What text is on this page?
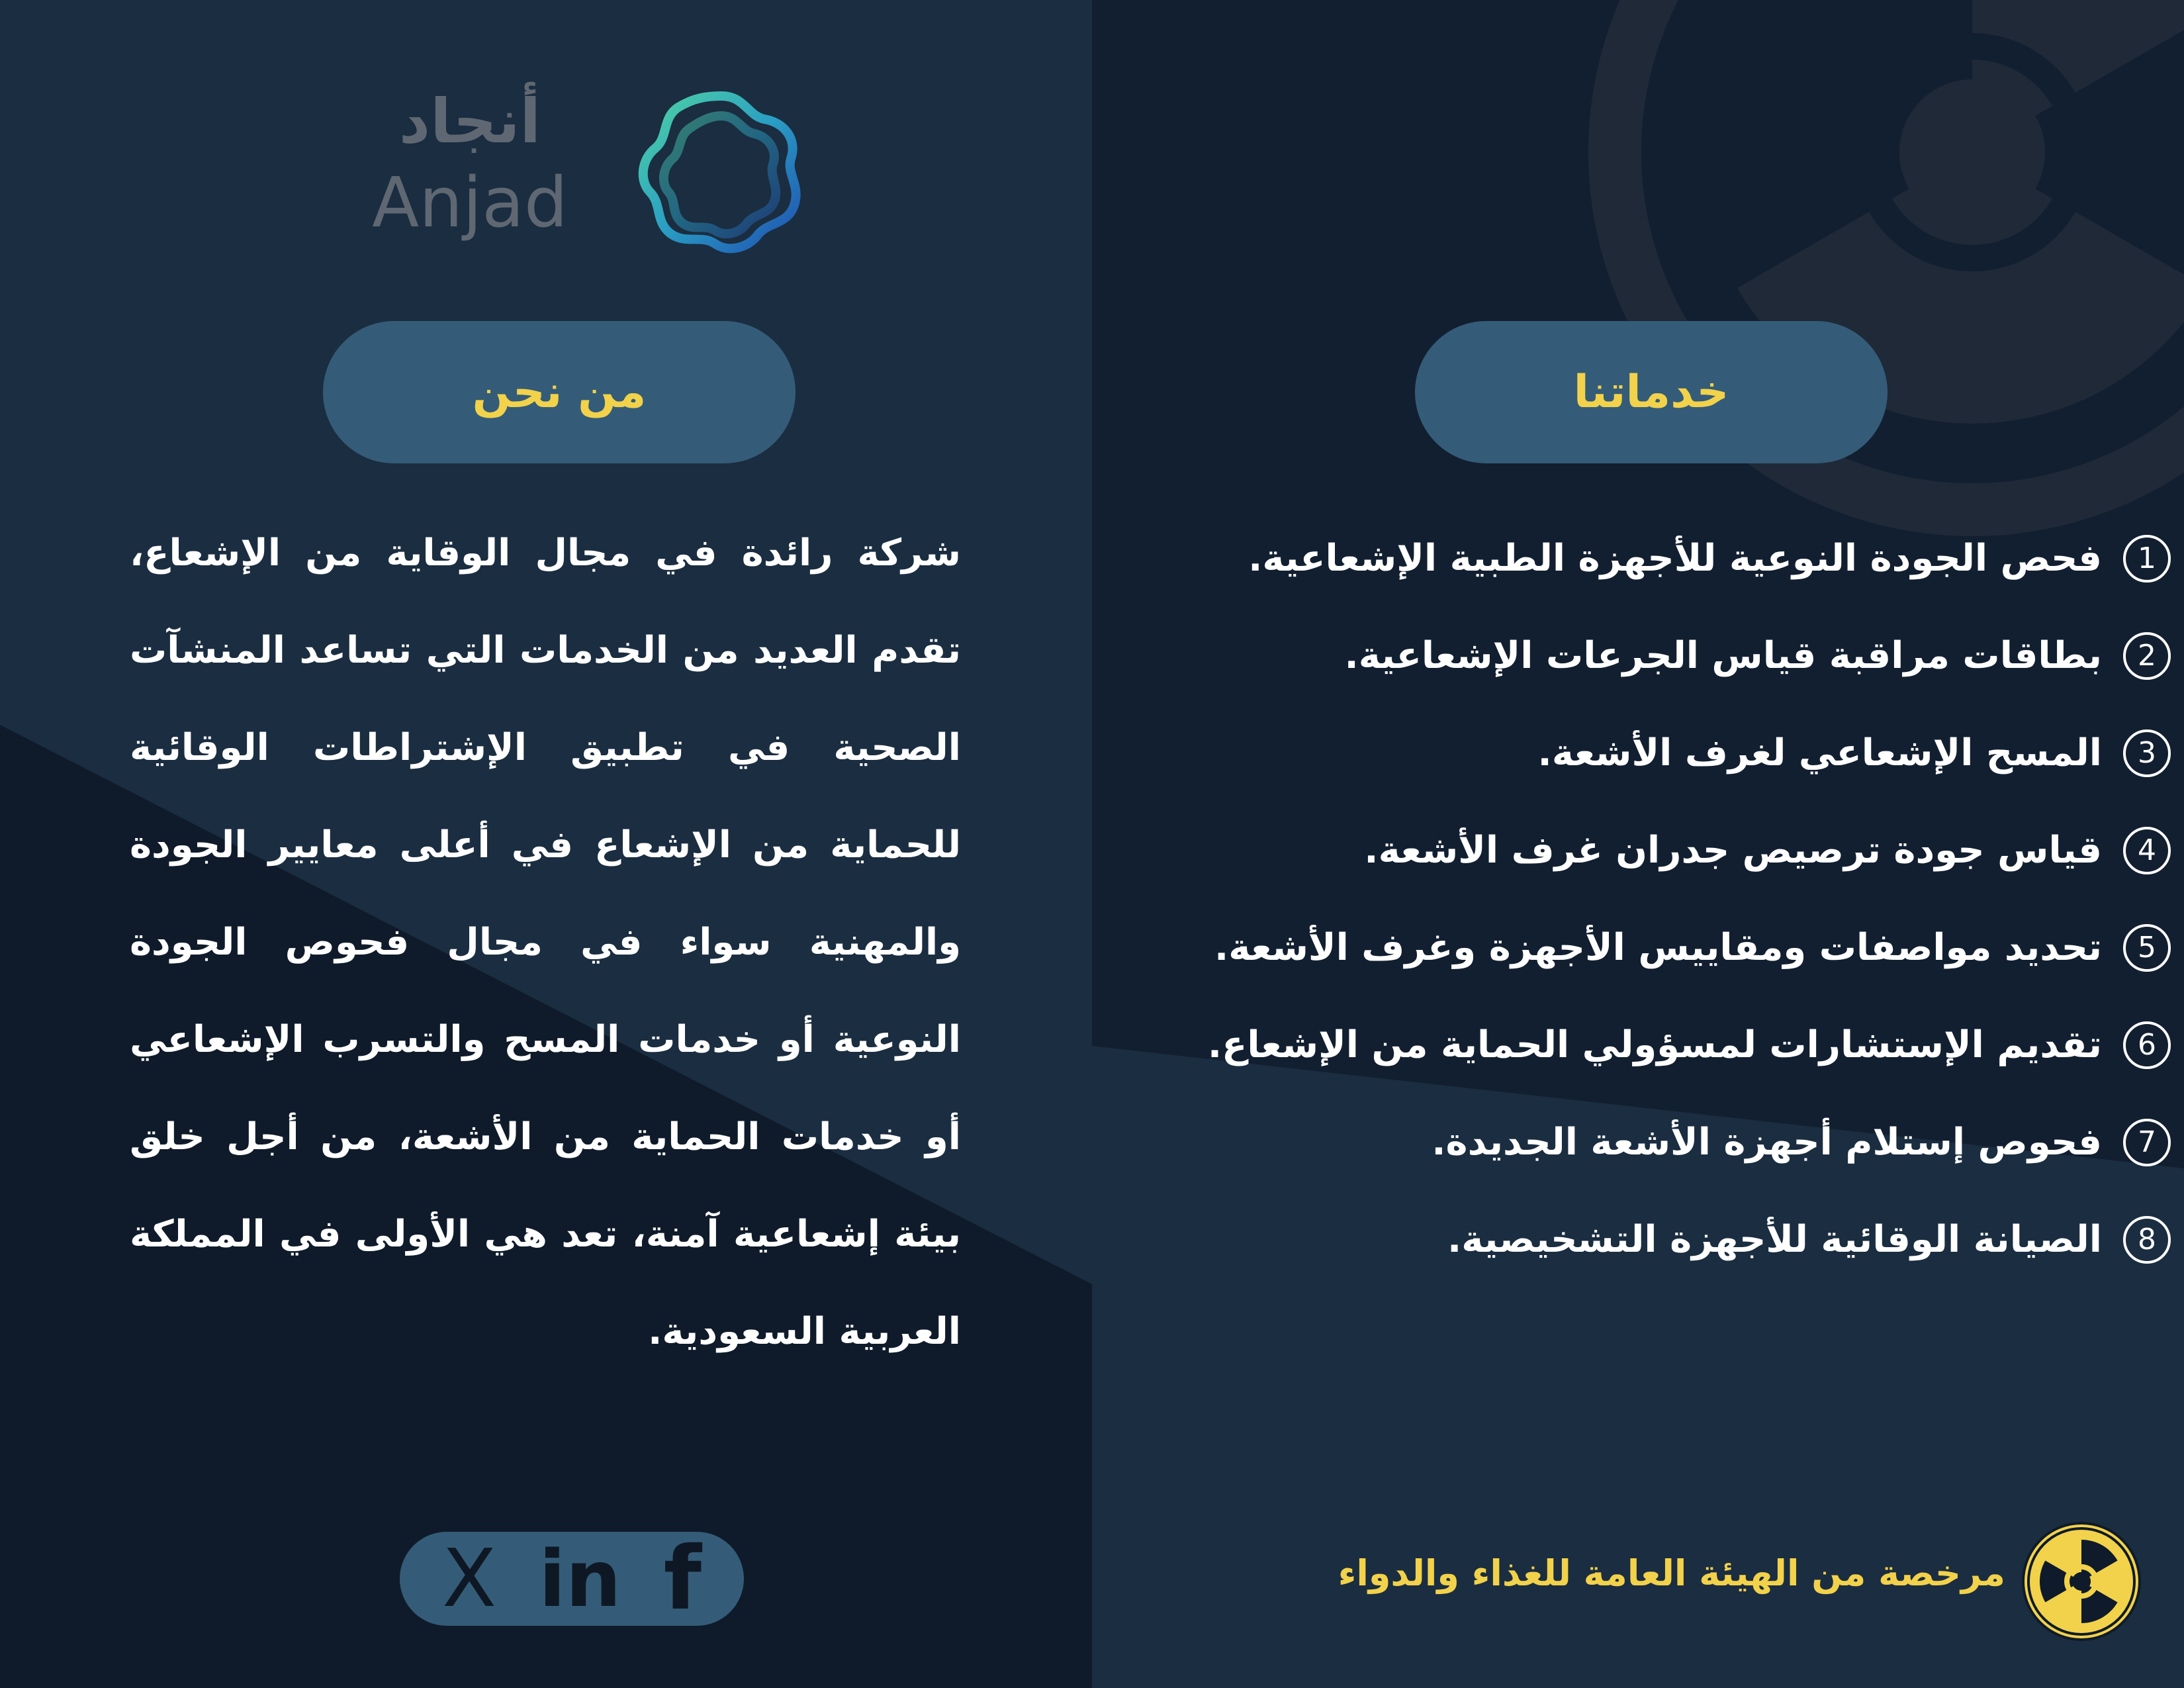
أنجاد
Anjad
من نحن	خدماتنا
شركة رائدة في مجال الوقاية من الإشعاع، تقدم العديد من الخدمات التي تساعد المنشآت الصحية في تطبيق الإشتراطات الوقائية للحماية من الإشعاع في أعلى معايير الجودة والمهنية سواء في مجال فحوص الجودة النوعية أو خدمات المسح والتسرب الإشعاعي أو خدمات الحماية من الأشعة، من أجل خلق بيئة إشعاعية آمنة، تعد هي الأولى في المملكة العربية السعودية.
1
فحص الجودة النوعية للأجهزة الطبية الإشعاعية.
2
بطاقات مراقبة قياس الجرعات الإشعاعية.
3
المسح الإشعاعي لغرف الأشعة.
4
قياس جودة ترصيص جدران غرف الأشعة.
5
تحديد مواصفات ومقاييس الأجهزة وغرف الأشعة.
6
تقديم الإستشارات لمسؤولي الحماية من الإشعاع.
7
فحوص إستلام أجهزة الأشعة الجديدة.
8
الصيانة الوقائية للأجهزة التشخيصية.
X in f	مرخصة من الهيئة العامة للغذاء والدواء
